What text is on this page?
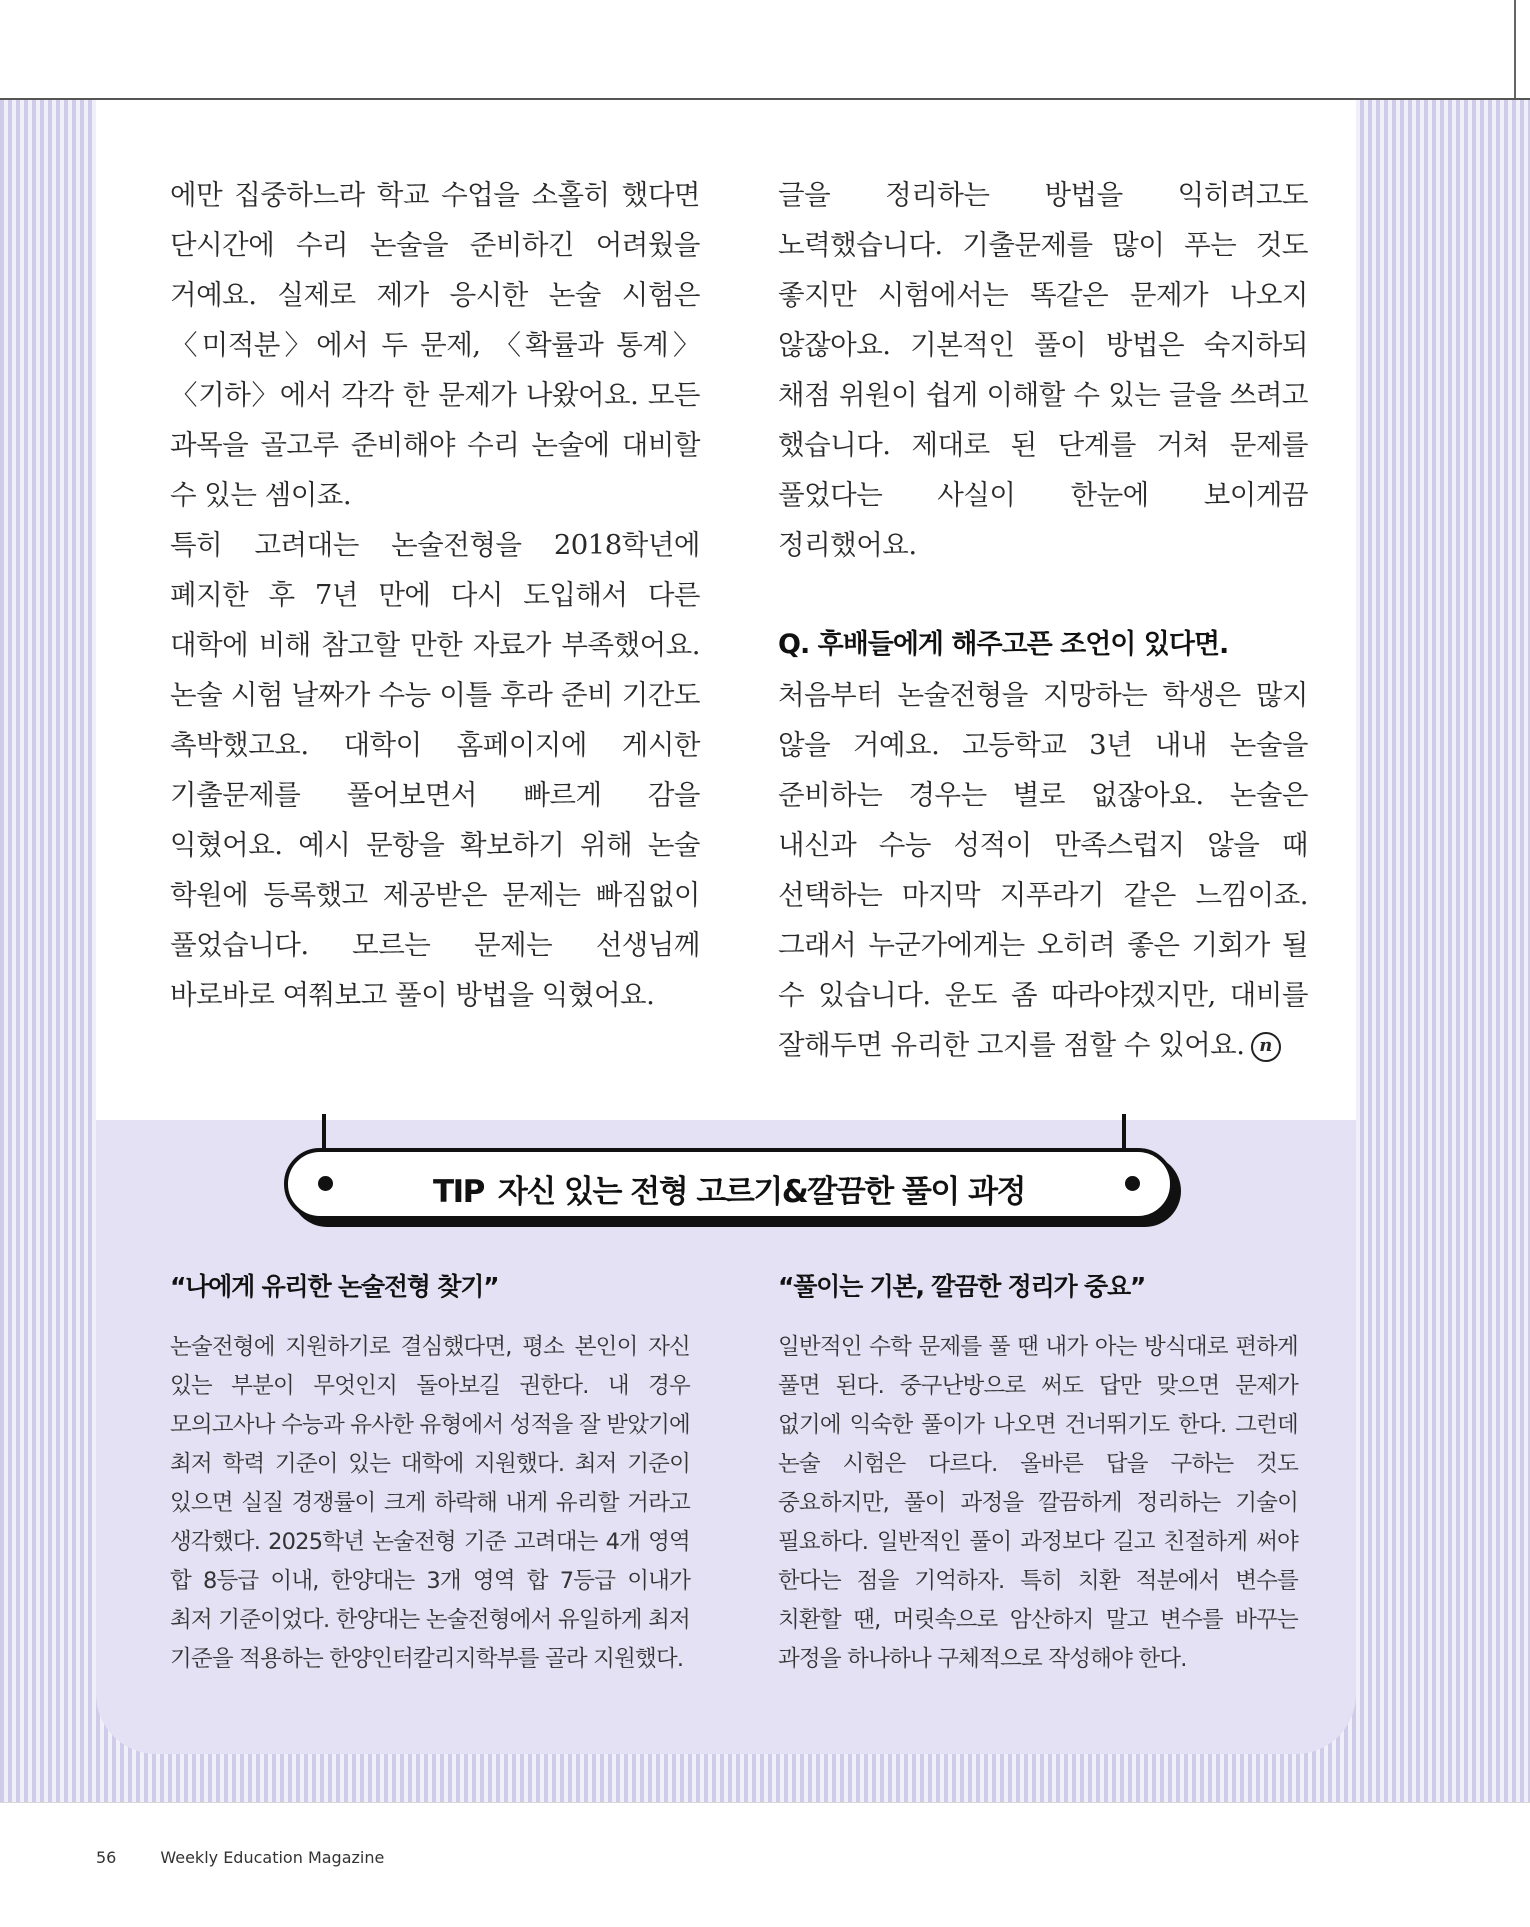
에만 집중하느라 학교 수업을 소홀히 했다면 단시간에 수리 논술을 준비하긴 어려웠을 거예요. 실제로 제가 응시한 논술 시험은 〈미적분〉에서 두 문제, 〈확률과 통계〉 〈기하〉에서 각각 한 문제가 나왔어요. 모든 과목을 골고루 준비해야 수리 논술에 대비할 수 있는 셈이죠.

특히 고려대는 논술전형을 2018학년에 폐지한 후 7년 만에 다시 도입해서 다른 대학에 비해 참고할 만한 자료가 부족했어요. 논술 시험 날짜가 수능 이틀 후라 준비 기간도 촉박했고요. 대학이 홈페이지에 게시한 기출문제를 풀어보면서 빠르게 감을 익혔어요. 예시 문항을 확보하기 위해 논술 학원에 등록했고 제공받은 문제는 빠짐없이 풀었습니다. 모르는 문제는 선생님께 바로바로 여쭤보고 풀이 방법을 익혔어요.

글을 정리하는 방법을 익히려고도 노력했습니다. 기출문제를 많이 푸는 것도 좋지만 시험에서는 똑같은 문제가 나오지 않잖아요. 기본적인 풀이 방법은 숙지하되 채점 위원이 쉽게 이해할 수 있는 글을 쓰려고 했습니다. 제대로 된 단계를 거쳐 문제를 풀었다는 사실이 한눈에 보이게끔 정리했어요.

Q. 후배들에게 해주고픈 조언이 있다면.

처음부터 논술전형을 지망하는 학생은 많지 않을 거예요. 고등학교 3년 내내 논술을 준비하는 경우는 별로 없잖아요. 논술은 내신과 수능 성적이 만족스럽지 않을 때 선택하는 마지막 지푸라기 같은 느낌이죠. 그래서 누군가에게는 오히려 좋은 기회가 될 수 있습니다. 운도 좀 따라야겠지만, 대비를 잘해두면 유리한 고지를 점할 수 있어요. n

TIP 자신 있는 전형 고르기&깔끔한 풀이 과정
“나에게 유리한 논술전형 찾기”

논술전형에 지원하기로 결심했다면, 평소 본인이 자신 있는 부분이 무엇인지 돌아보길 권한다. 내 경우 모의고사나 수능과 유사한 유형에서 성적을 잘 받았기에 최저 학력 기준이 있는 대학에 지원했다. 최저 기준이 있으면 실질 경쟁률이 크게 하락해 내게 유리할 거라고 생각했다. 2025학년 논술전형 기준 고려대는 4개 영역 합 8등급 이내, 한양대는 3개 영역 합 7등급 이내가 최저 기준이었다. 한양대는 논술전형에서 유일하게 최저 기준을 적용하는 한양인터칼리지학부를 골라 지원했다.

“풀이는 기본, 깔끔한 정리가 중요”

일반적인 수학 문제를 풀 땐 내가 아는 방식대로 편하게 풀면 된다. 중구난방으로 써도 답만 맞으면 문제가 없기에 익숙한 풀이가 나오면 건너뛰기도 한다. 그런데 논술 시험은 다르다. 올바른 답을 구하는 것도 중요하지만, 풀이 과정을 깔끔하게 정리하는 기술이 필요하다. 일반적인 풀이 과정보다 길고 친절하게 써야 한다는 점을 기억하자. 특히 치환 적분에서 변수를 치환할 땐, 머릿속으로 암산하지 말고 변수를 바꾸는 과정을 하나하나 구체적으로 작성해야 한다.

56	Weekly Education Magazine
